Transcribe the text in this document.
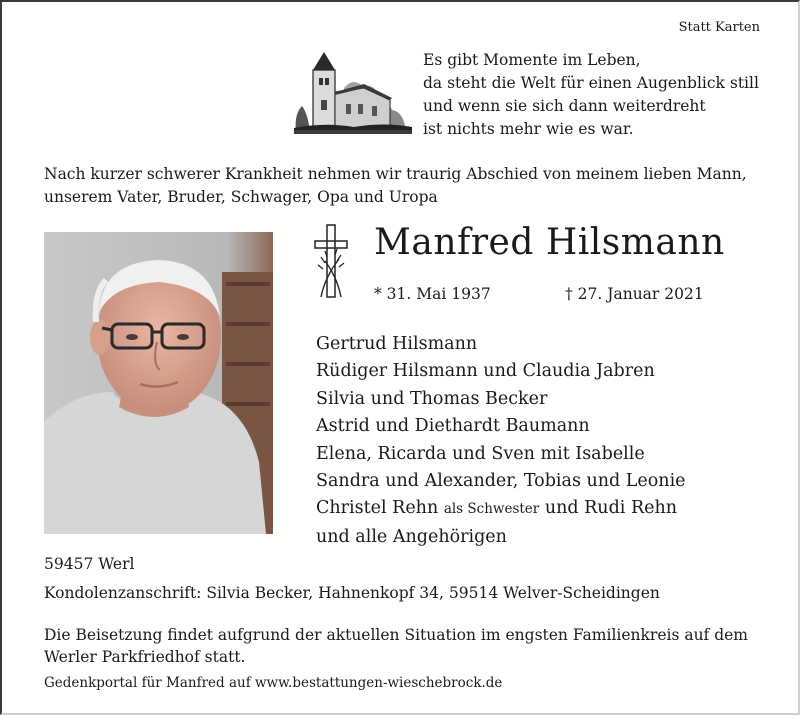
Statt Karten
Es gibt Momente im Leben,
da steht die Welt für einen Augenblick still
und wenn sie sich dann weiterdreht
ist nichts mehr wie es war.
Nach kurzer schwerer Krankheit nehmen wir traurig Abschied von meinem lieben Mann,
unserem Vater, Bruder, Schwager, Opa und Uropa
Manfred Hilsmann
* 31. Mai 1937	† 27. Januar 2021
Gertrud Hilsmann
Rüdiger Hilsmann und Claudia Jabren
Silvia und Thomas Becker
Astrid und Diethardt Baumann
Elena, Ricarda und Sven mit Isabelle
Sandra und Alexander, Tobias und Leonie
Christel Rehn als Schwester und Rudi Rehn
und alle Angehörigen
59457 Werl
Kondolenzanschrift: Silvia Becker, Hahnenkopf 34, 59514 Welver-Scheidingen
Die Beisetzung findet aufgrund der aktuellen Situation im engsten Familienkreis auf dem
Werler Parkfriedhof statt.
Gedenkportal für Manfred auf www.bestattungen-wieschebrock.de
